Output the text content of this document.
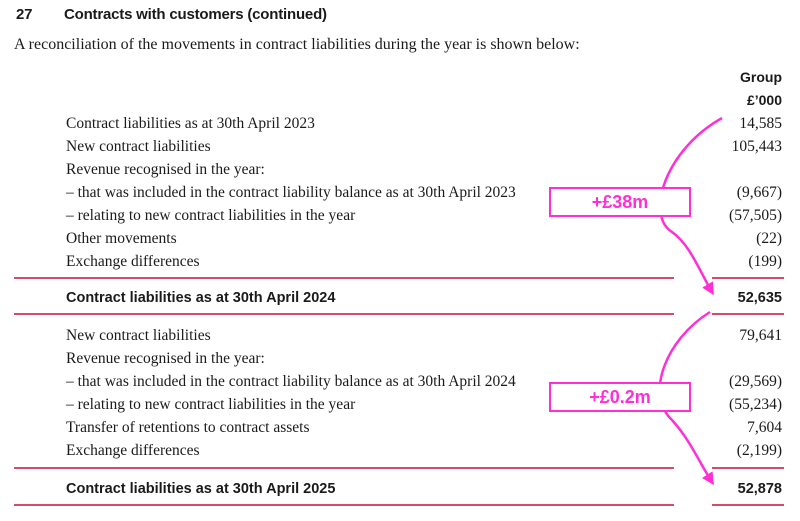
27 Contracts with customers (continued)
A reconciliation of the movements in contract liabilities during the year is shown below:
Group
£’000
Contract liabilities as at 30th April 2023	14,585
New contract liabilities	105,443
Revenue recognised in the year:
– that was included in the contract liability balance as at 30th April 2023	(9,667)
– relating to new contract liabilities in the year	(57,505)
Other movements	(22)
Exchange differences	(199)
Contract liabilities as at 30th April 2024	52,635
New contract liabilities	79,641
Revenue recognised in the year:
– that was included in the contract liability balance as at 30th April 2024	(29,569)
– relating to new contract liabilities in the year	(55,234)
Transfer of retentions to contract assets	7,604
Exchange differences	(2,199)
Contract liabilities as at 30th April 2025	52,878
+£38m
+£0.2m
